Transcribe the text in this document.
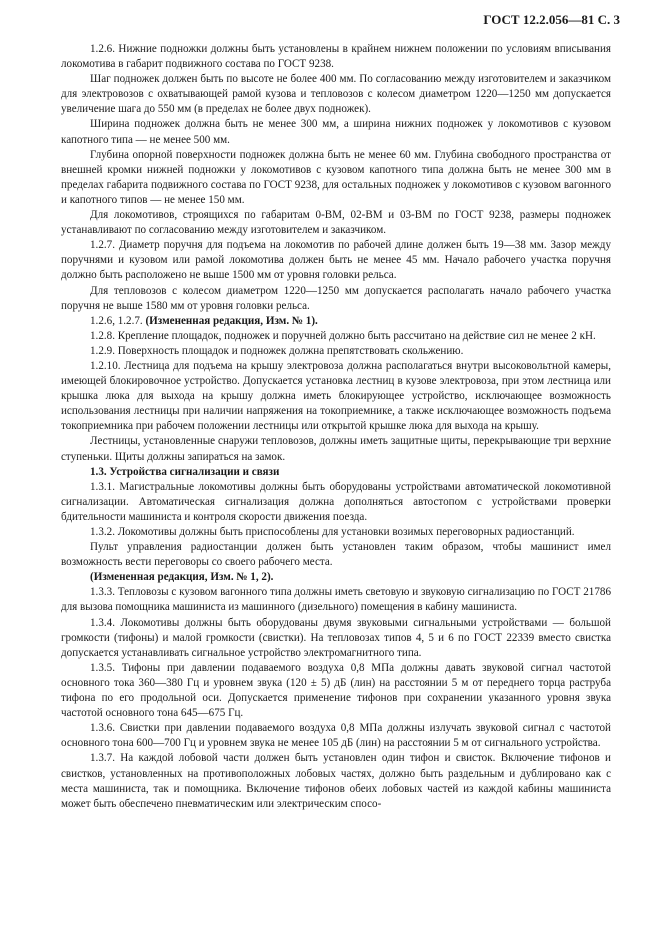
ГОСТ 12.2.056—81 С. 3

1.2.6. Нижние подножки должны быть установлены в крайнем нижнем положении по условиям вписывания локомотива в габарит подвижного состава по ГОСТ 9238.

Шаг подножек должен быть по высоте не более 400 мм. По согласованию между изготовителем и заказчиком для электровозов с охватывающей рамой кузова и тепловозов с колесом диаметром 1220—1250 мм допускается увеличение шага до 550 мм (в пределах не более двух подножек).

Ширина подножек должна быть не менее 300 мм, а ширина нижних подножек у локомотивов с кузовом капотного типа — не менее 500 мм.

Глубина опорной поверхности подножек должна быть не менее 60 мм. Глубина свободного пространства от внешней кромки нижней подножки у локомотивов с кузовом капотного типа должна быть не менее 300 мм в пределах габарита подвижного состава по ГОСТ 9238, для остальных подножек у локомотивов с кузовом вагонного и капотного типов — не менее 150 мм.

Для локомотивов, строящихся по габаритам 0-ВМ, 02-ВМ и 03-ВМ по ГОСТ 9238, размеры подножек устанавливают по согласованию между изготовителем и заказчиком.

1.2.7. Диаметр поручня для подъема на локомотив по рабочей длине должен быть 19—38 мм. Зазор между поручнями и кузовом или рамой локомотива должен быть не менее 45 мм. Начало рабочего участка поручня должно быть расположено не выше 1500 мм от уровня головки рельса.

Для тепловозов с колесом диаметром 1220—1250 мм допускается располагать начало рабочего участка поручня не выше 1580 мм от уровня головки рельса.

1.2.6, 1.2.7. (Измененная редакция, Изм. № 1).

1.2.8. Крепление площадок, подножек и поручней должно быть рассчитано на действие сил не менее 2 кН.

1.2.9. Поверхность площадок и подножек должна препятствовать скольжению.

1.2.10. Лестница для подъема на крышу электровоза должна располагаться внутри высоковольтной камеры, имеющей блокировочное устройство. Допускается установка лестниц в кузове электровоза, при этом лестница или крышка люка для выхода на крышу должна иметь блокирующее устройство, исключающее возможность использования лестницы при наличии напряжения на токоприемнике, а также исключающее возможность подъема токоприемника при рабочем положении лестницы или открытой крышке люка для выхода на крышу.

Лестницы, установленные снаружи тепловозов, должны иметь защитные щиты, перекрывающие три верхние ступеньки. Щиты должны запираться на замок.

1.3. Устройства сигнализации и связи

1.3.1. Магистральные локомотивы должны быть оборудованы устройствами автоматической локомотивной сигнализации. Автоматическая сигнализация должна дополняться автостопом с устройствами проверки бдительности машиниста и контроля скорости движения поезда.

1.3.2. Локомотивы должны быть приспособлены для установки возимых переговорных радиостанций.

Пульт управления радиостанции должен быть установлен таким образом, чтобы машинист имел возможность вести переговоры со своего рабочего места.

(Измененная редакция, Изм. № 1, 2).

1.3.3. Тепловозы с кузовом вагонного типа должны иметь световую и звуковую сигнализацию по ГОСТ 21786 для вызова помощника машиниста из машинного (дизельного) помещения в кабину машиниста.

1.3.4. Локомотивы должны быть оборудованы двумя звуковыми сигнальными устройствами — большой громкости (тифоны) и малой громкости (свистки). На тепловозах типов 4, 5 и 6 по ГОСТ 22339 вместо свистка допускается устанавливать сигнальное устройство электромагнитного типа.

1.3.5. Тифоны при давлении подаваемого воздуха 0,8 МПа должны давать звуковой сигнал частотой основного тока 360—380 Гц и уровнем звука (120 ± 5) дБ (лин) на расстоянии 5 м от переднего торца раструба тифона по его продольной оси. Допускается применение тифонов при сохранении указанного уровня звука частотой основного тона 645—675 Гц.

1.3.6. Свистки при давлении подаваемого воздуха 0,8 МПа должны излучать звуковой сигнал с частотой основного тона 600—700 Гц и уровнем звука не менее 105 дБ (лин) на расстоянии 5 м от сигнального устройства.

1.3.7. На каждой лобовой части должен быть установлен один тифон и свисток. Включение тифонов и свистков, установленных на противоположных лобовых частях, должно быть раздельным и дублировано как с места машиниста, так и помощника. Включение тифонов обеих лобовых частей из каждой кабины машиниста может быть обеспечено пневматическим или электрическим спосо-
